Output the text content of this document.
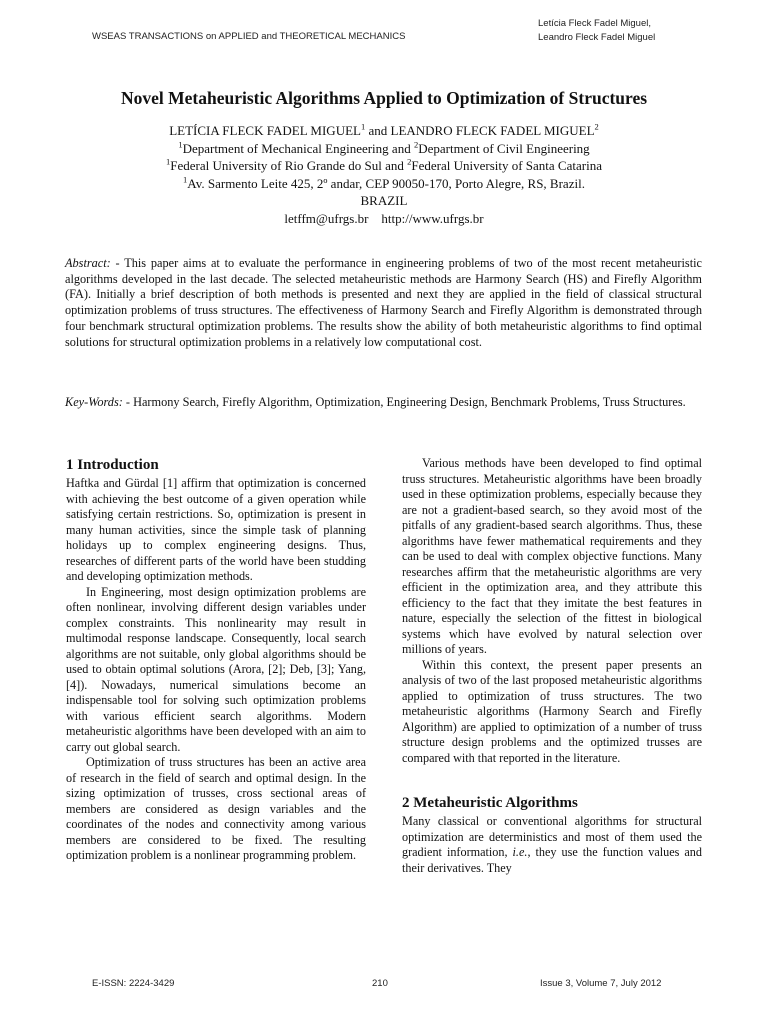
WSEAS TRANSACTIONS on APPLIED and THEORETICAL MECHANICS
Letícia Fleck Fadel Miguel,
Leandro Fleck Fadel Miguel
Novel Metaheuristic Algorithms Applied to Optimization of Structures
LETÍCIA FLECK FADEL MIGUEL$^1$ and LEANDRO FLECK FADEL MIGUEL$^2$
$^1$Department of Mechanical Engineering and $^2$Department of Civil Engineering
$^1$Federal University of Rio Grande do Sul and $^2$Federal University of Santa Catarina
$^1$Av. Sarmento Leite 425, 2º andar, CEP 90050-170, Porto Alegre, RS, Brazil.
BRAZIL
letffm@ufrgs.br    http://www.ufrgs.br
Abstract: - This paper aims at to evaluate the performance in engineering problems of two of the most recent metaheuristic algorithms developed in the last decade. The selected metaheuristic methods are Harmony Search (HS) and Firefly Algorithm (FA). Initially a brief description of both methods is presented and next they are applied in the field of classical structural optimization problems of truss structures. The effectiveness of Harmony Search and Firefly Algorithm is demonstrated through four benchmark structural optimization problems. The results show the ability of both metaheuristic algorithms to find optimal solutions for structural optimization problems in a relatively low computational cost.
Key-Words: - Harmony Search, Firefly Algorithm, Optimization, Engineering Design, Benchmark Problems, Truss Structures.
1 Introduction

Haftka and Gürdal [1] affirm that optimization is concerned with achieving the best outcome of a given operation while satisfying certain restrictions. So, optimization is present in many human activities, since the simple task of planning holidays up to complex engineering designs. Thus, researches of different parts of the world have been studding and developing optimization methods.

In Engineering, most design optimization problems are often nonlinear, involving different design variables under complex constraints. This nonlinearity may result in multimodal response landscape. Consequently, local search algorithms are not suitable, only global algorithms should be used to obtain optimal solutions (Arora, [2]; Deb, [3]; Yang, [4]). Nowadays, numerical simulations become an indispensable tool for solving such optimization problems with various efficient search algorithms. Modern metaheuristic algorithms have been developed with an aim to carry out global search.

Optimization of truss structures has been an active area of research in the field of search and optimal design. In the sizing optimization of trusses, cross sectional areas of members are considered as design variables and the coordinates of the nodes and connectivity among various members are considered to be fixed. The resulting optimization problem is a nonlinear programming problem.

Various methods have been developed to find optimal truss structures. Metaheuristic algorithms have been broadly used in these optimization problems, especially because they are not a gradient-based search, so they avoid most of the pitfalls of any gradient-based search algorithms. Thus, these algorithms have fewer mathematical requirements and they can be used to deal with complex objective functions. Many researches affirm that the metaheuristic algorithms are very efficient in the optimization area, and they attribute this efficiency to the fact that they imitate the best features in nature, especially the selection of the fittest in biological systems which have evolved by natural selection over millions of years.

Within this context, the present paper presents an analysis of two of the last proposed metaheuristic algorithms applied to optimization of truss structures. The two metaheuristic algorithms (Harmony Search and Firefly Algorithm) are applied to optimization of a number of truss structure design problems and the optimized trusses are compared with that reported in the literature.

2 Metaheuristic Algorithms

Many classical or conventional algorithms for structural optimization are deterministics and most of them used the gradient information, i.e., they use the function values and their derivatives. They

E-ISSN: 2224-3429	210	Issue 3, Volume 7, July 2012
